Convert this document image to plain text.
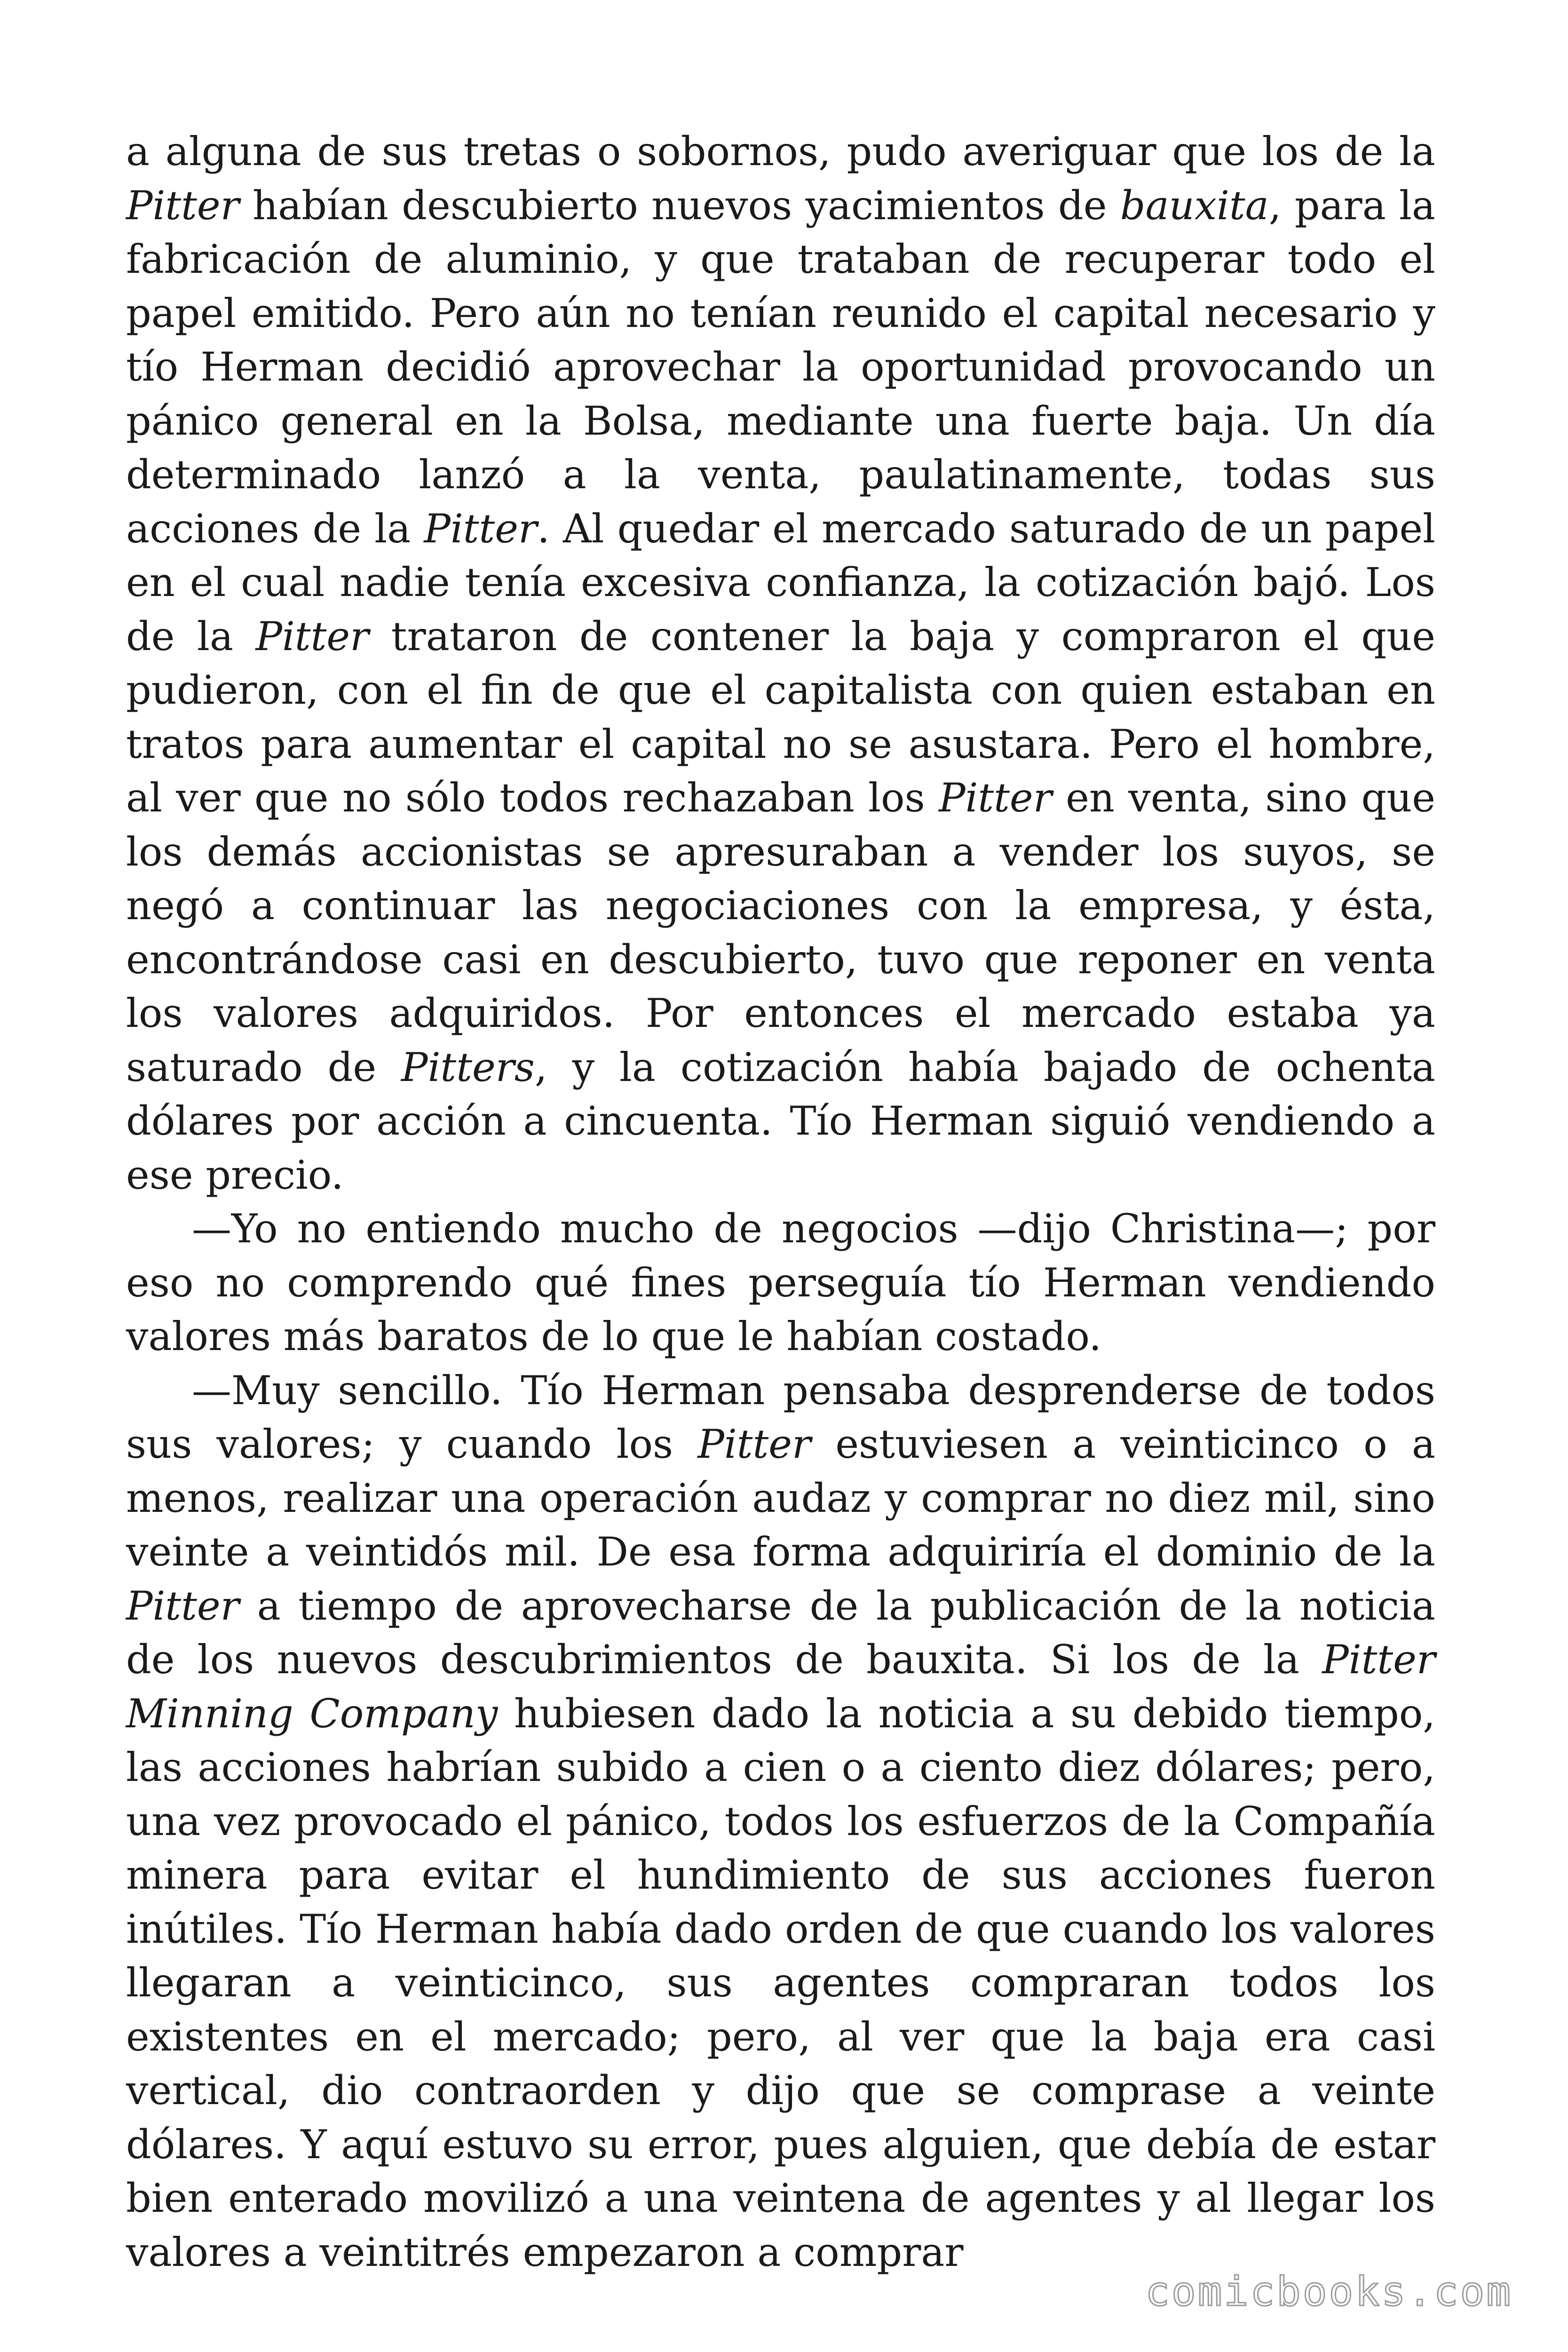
a alguna de sus tretas o sobornos, pudo averiguar que los de la Pitter habían descubierto nuevos yacimientos de bauxita, para la fabricación de aluminio, y que trataban de recuperar todo el papel emitido. Pero aún no tenían reunido el capital necesario y tío Herman decidió aprovechar la oportunidad provocando un pánico general en la Bolsa, mediante una fuerte baja. Un día determinado lanzó a la venta, paulatinamente, todas sus acciones de la Pitter. Al quedar el mercado saturado de un papel en el cual nadie tenía excesiva confianza, la cotización bajó. Los de la Pitter trataron de contener la baja y compraron el que pudieron, con el fin de que el capitalista con quien estaban en tratos para aumentar el capital no se asustara. Pero el hombre, al ver que no sólo todos rechazaban los Pitter en venta, sino que los demás accionistas se apresuraban a vender los suyos, se negó a continuar las negociaciones con la empresa, y ésta, encontrándose casi en descubierto, tuvo que reponer en venta los valores adquiridos. Por entonces el mercado estaba ya saturado de Pitters, y la cotización había bajado de ochenta dólares por acción a cincuenta. Tío Herman siguió vendiendo a ese precio.

—Yo no entiendo mucho de negocios —dijo Christina—; por eso no comprendo qué fines perseguía tío Herman vendiendo valores más baratos de lo que le habían costado.

—Muy sencillo. Tío Herman pensaba desprenderse de todos sus valores; y cuando los Pitter estuviesen a veinticinco o a menos, realizar una operación audaz y comprar no diez mil, sino veinte a veintidós mil. De esa forma adquiriría el dominio de la Pitter a tiempo de aprovecharse de la publicación de la noticia de los nuevos descubrimientos de bauxita. Si los de la Pitter Minning Company hubiesen dado la noticia a su debido tiempo, las acciones habrían subido a cien o a ciento diez dólares; pero, una vez provocado el pánico, todos los esfuerzos de la Compañía minera para evitar el hundimiento de sus acciones fueron inútiles. Tío Herman había dado orden de que cuando los valores llegaran a veinticinco, sus agentes compraran todos los existentes en el mercado; pero, al ver que la baja era casi vertical, dio contraorden y dijo que se comprase a veinte dólares. Y aquí estuvo su error, pues alguien, que debía de estar bien enterado movilizó a una veintena de agentes y al llegar los valores a veintitrés empezaron a comprar

comicbooks.com
